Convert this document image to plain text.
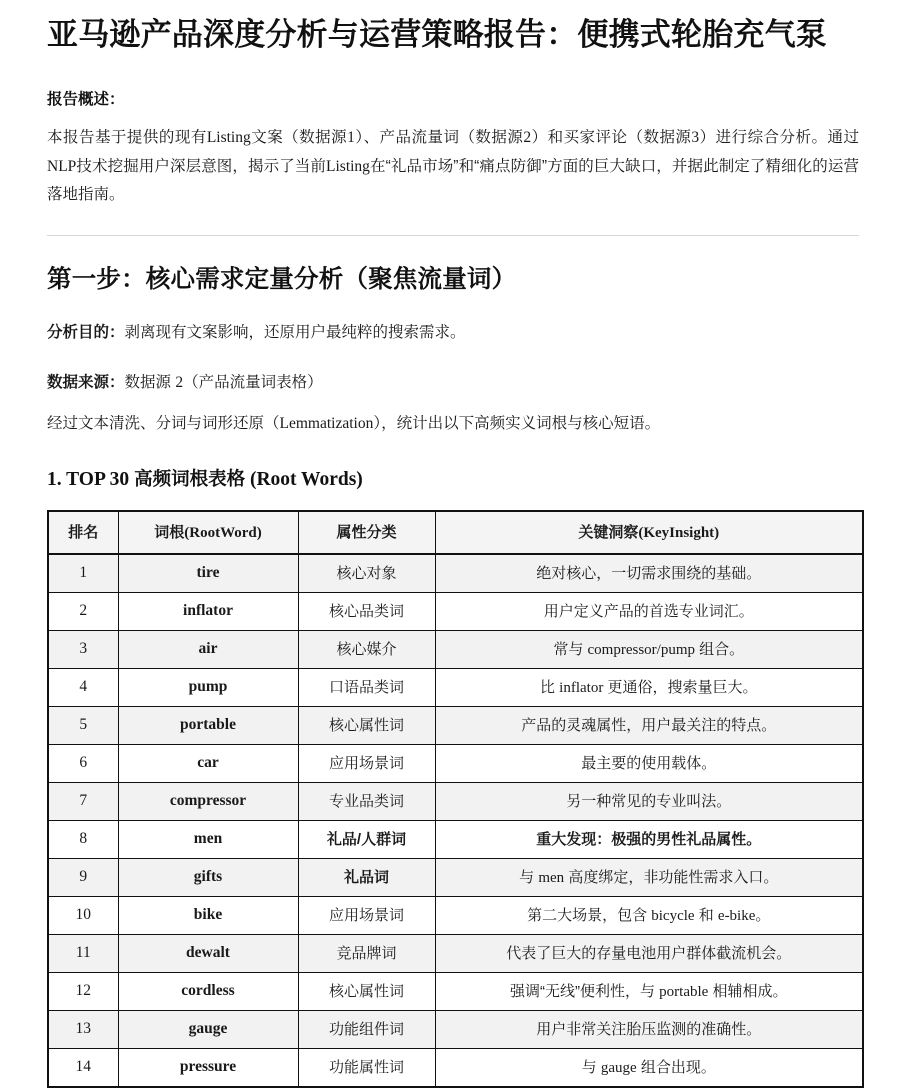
亚马逊产品深度分析与运营策略报告：便携式轮胎充气泵

报告概述：

本报告基于提供的现有Listing文案（数据源1）、产品流量词（数据源2）和买家评论（数据源3）进行综合分析。通过NLP技术挖掘用户深层意图，揭示了当前Listing在“礼品市场”和“痛点防御”方面的巨大缺口，并据此制定了精细化的运营落地指南。

第一步：核心需求定量分析（聚焦流量词）

分析目的：剥离现有文案影响，还原用户最纯粹的搜索需求。

数据来源：数据源 2（产品流量词表格）

经过文本清洗、分词与词形还原（Lemmatization），统计出以下高频实义词根与核心短语。

1. TOP 30 高频词根表格 (Root Words)
排名	词根(RootWord)	属性分类	关键洞察(KeyInsight)
1	tire	核心对象	绝对核心，一切需求围绕的基础。
2	inflator	核心品类词	用户定义产品的首选专业词汇。
3	air	核心媒介	常与 compressor/pump 组合。
4	pump	口语品类词	比 inflator 更通俗，搜索量巨大。
5	portable	核心属性词	产品的灵魂属性，用户最关注的特点。
6	car	应用场景词	最主要的使用载体。
7	compressor	专业品类词	另一种常见的专业叫法。
8	men	礼品/人群词	重大发现：极强的男性礼品属性。
9	gifts	礼品词	与 men 高度绑定，非功能性需求入口。
10	bike	应用场景词	第二大场景，包含 bicycle 和 e-bike。
11	dewalt	竞品牌词	代表了巨大的存量电池用户群体截流机会。
12	cordless	核心属性词	强调“无线”便利性，与 portable 相辅相成。
13	gauge	功能组件词	用户非常关注胎压监测的准确性。
14	pressure	功能属性词	与 gauge 组合出现。
